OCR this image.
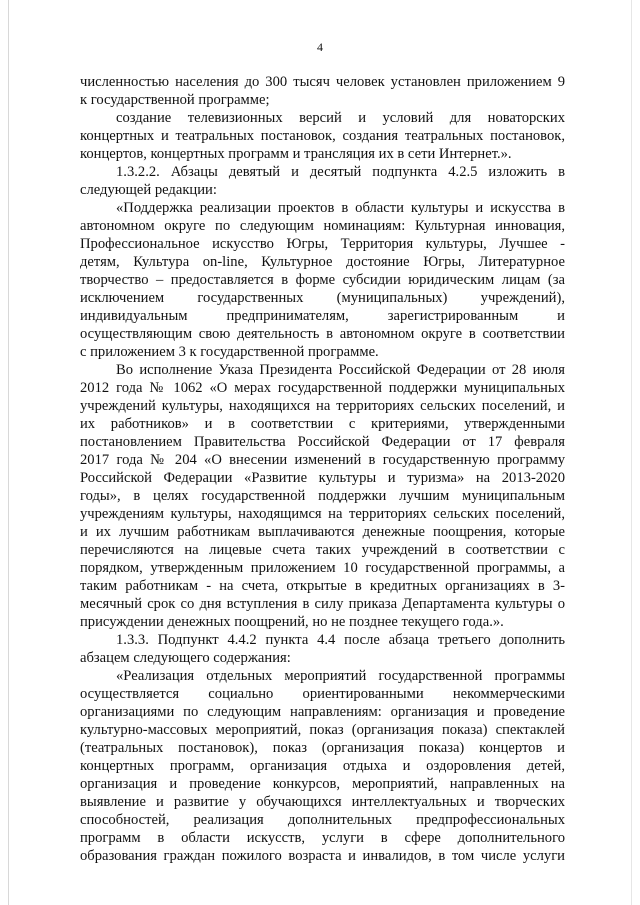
4
численностью населения до 300 тысяч человек установлен приложением 9
к государственной программе;
создание телевизионных версий и условий для новаторских
концертных и театральных постановок, создания театральных постановок,
концертов, концертных программ и трансляция их в сети Интернет.».
1.3.2.2. Абзацы девятый и десятый подпункта 4.2.5 изложить в
следующей редакции:
«Поддержка реализации проектов в области культуры и искусства в
автономном округе по следующим номинациям: Культурная инновация,
Профессиональное искусство Югры, Территория культуры, Лучшее -
детям, Культура on-line, Культурное достояние Югры, Литературное
творчество – предоставляется в форме субсидии юридическим лицам (за
исключением государственных (муниципальных) учреждений),
индивидуальным предпринимателям, зарегистрированным и
осуществляющим свою деятельность в автономном округе в соответствии
с приложением 3 к государственной программе.
Во исполнение Указа Президента Российской Федерации от 28 июля
2012 года № 1062 «О мерах государственной поддержки муниципальных
учреждений культуры, находящихся на территориях сельских поселений, и
их работников» и в соответствии с критериями, утвержденными
постановлением Правительства Российской Федерации от 17 февраля
2017 года № 204 «О внесении изменений в государственную программу
Российской Федерации «Развитие культуры и туризма» на 2013-2020
годы», в целях государственной поддержки лучшим муниципальным
учреждениям культуры, находящимся на территориях сельских поселений,
и их лучшим работникам выплачиваются денежные поощрения, которые
перечисляются на лицевые счета таких учреждений в соответствии с
порядком, утвержденным приложением 10 государственной программы, а
таким работникам - на счета, открытые в кредитных организациях в 3-
месячный срок со дня вступления в силу приказа Департамента культуры о
присуждении денежных поощрений, но не позднее текущего года.».
1.3.3. Подпункт 4.4.2 пункта 4.4 после абзаца третьего дополнить
абзацем следующего содержания:
«Реализация отдельных мероприятий государственной программы
осуществляется социально ориентированными некоммерческими
организациями по следующим направлениям: организация и проведение
культурно-массовых мероприятий, показ (организация показа) спектаклей
(театральных постановок), показ (организация показа) концертов и
концертных программ, организация отдыха и оздоровления детей,
организация и проведение конкурсов, мероприятий, направленных на
выявление и развитие у обучающихся интеллектуальных и творческих
способностей, реализация дополнительных предпрофессиональных
программ в области искусств, услуги в сфере дополнительного
образования граждан пожилого возраста и инвалидов, в том числе услуги
